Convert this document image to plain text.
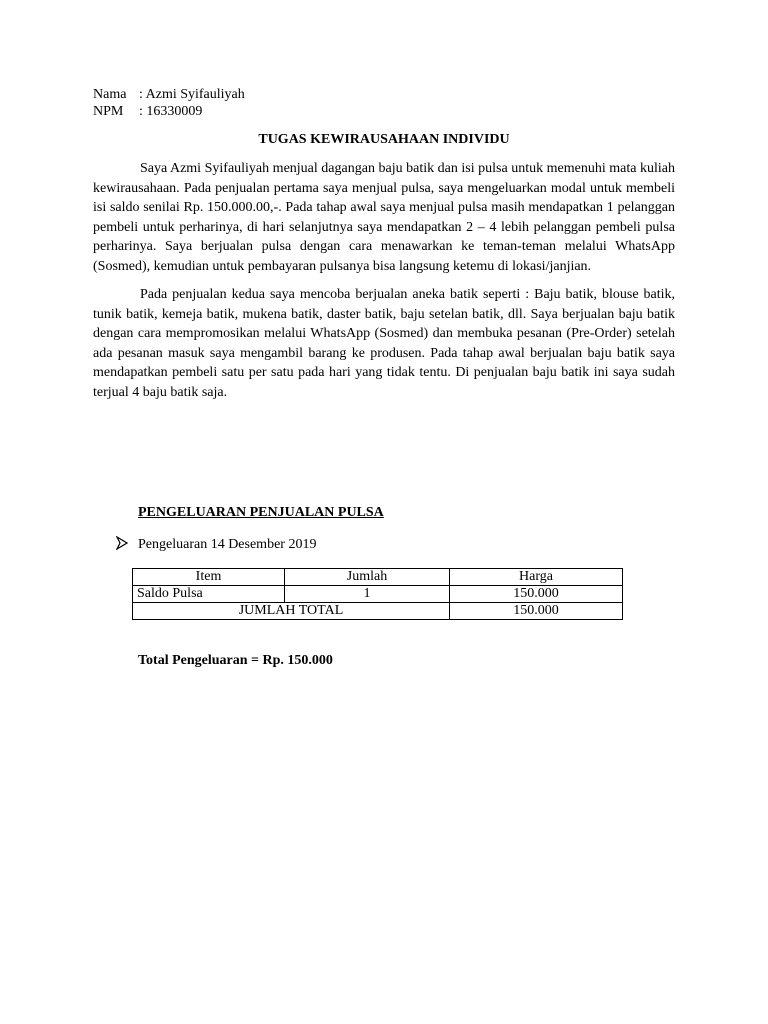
Nama : Azmi Syifauliyah
NPM : 16330009
TUGAS KEWIRAUSAHAAN INDIVIDU

Saya Azmi Syifauliyah menjual dagangan baju batik dan isi pulsa untuk memenuhi mata kuliah kewirausahaan. Pada penjualan pertama saya menjual pulsa, saya mengeluarkan modal untuk membeli isi saldo senilai Rp. 150.000.00,-. Pada tahap awal saya menjual pulsa masih mendapatkan 1 pelanggan pembeli untuk perharinya, di hari selanjutnya saya mendapatkan 2 – 4 lebih pelanggan pembeli pulsa perharinya. Saya berjualan pulsa dengan cara menawarkan ke teman-teman melalui WhatsApp (Sosmed), kemudian untuk pembayaran pulsanya bisa langsung ketemu di lokasi/janjian.

Pada penjualan kedua saya mencoba berjualan aneka batik seperti : Baju batik, blouse batik, tunik batik, kemeja batik, mukena batik, daster batik, baju setelan batik, dll. Saya berjualan baju batik dengan cara mempromosikan melalui WhatsApp (Sosmed) dan membuka pesanan (Pre-Order) setelah ada pesanan masuk saya mengambil barang ke produsen. Pada tahap awal berjualan baju batik saya mendapatkan pembeli satu per satu pada hari yang tidak tentu. Di penjualan baju batik ini saya sudah terjual 4 baju batik saja.

PENGELUARAN PENJUALAN PULSA
Pengeluaran 14 Desember 2019
Item	Jumlah	Harga
Saldo Pulsa	1	150.000
JUMLAH TOTAL		150.000
Total Pengeluaran = Rp. 150.000
